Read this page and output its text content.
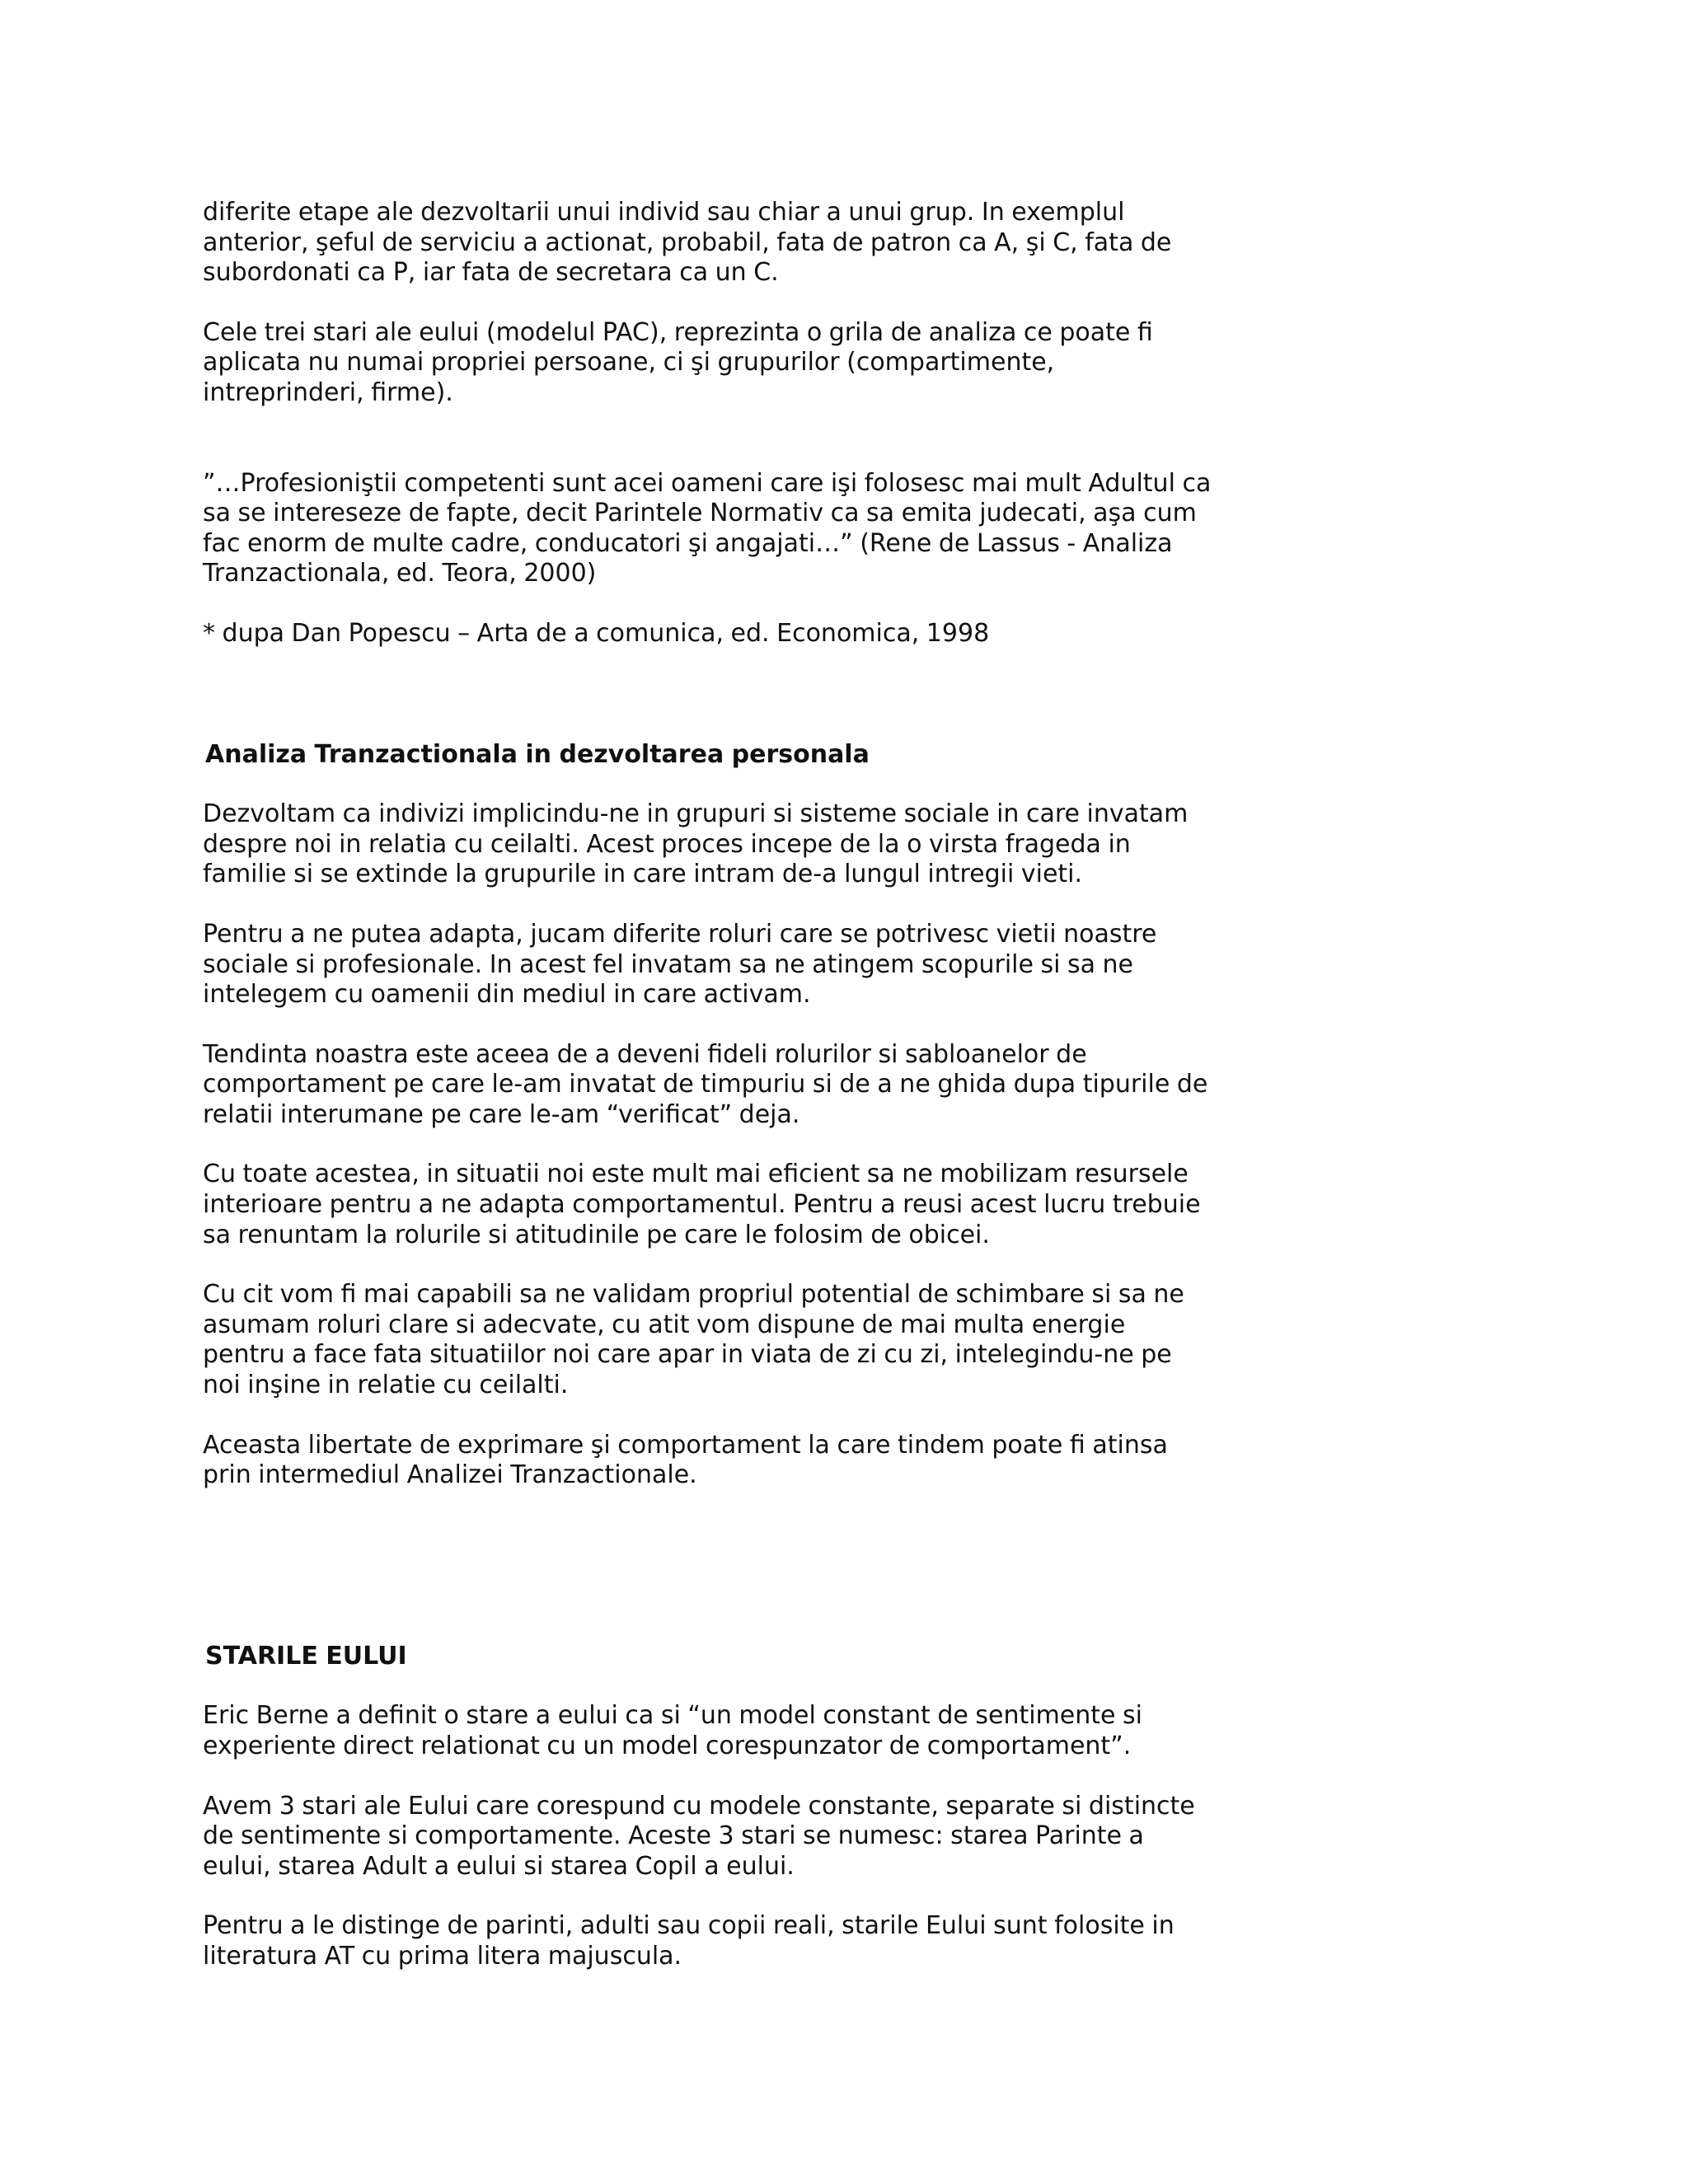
diferite etape ale dezvoltarii unui individ sau chiar a unui grup. In exemplul
anterior, şeful de serviciu a actionat, probabil, fata de patron ca A, şi C, fata de
subordonati ca P, iar fata de secretara ca un C.

Cele trei stari ale eului (modelul PAC), reprezinta o grila de analiza ce poate fi
aplicata nu numai propriei persoane, ci şi grupurilor (compartimente,
intreprinderi, firme).

”…Profesioniştii competenti sunt acei oameni care işi folosesc mai mult Adultul ca
sa se intereseze de fapte, decit Parintele Normativ ca sa emita judecati, aşa cum
fac enorm de multe cadre, conducatori şi angajati…” (Rene de Lassus - Analiza
Tranzactionala, ed. Teora, 2000)

* dupa Dan Popescu – Arta de a comunica, ed. Economica, 1998

Analiza Tranzactionala in dezvoltarea personala

Dezvoltam ca indivizi implicindu-ne in grupuri si sisteme sociale in care invatam
despre noi in relatia cu ceilalti. Acest proces incepe de la o virsta frageda in
familie si se extinde la grupurile in care intram de-a lungul intregii vieti.

Pentru a ne putea adapta, jucam diferite roluri care se potrivesc vietii noastre
sociale si profesionale. In acest fel invatam sa ne atingem scopurile si sa ne
intelegem cu oamenii din mediul in care activam.

Tendinta noastra este aceea de a deveni fideli rolurilor si sabloanelor de
comportament pe care le-am invatat de timpuriu si de a ne ghida dupa tipurile de
relatii interumane pe care le-am “verificat” deja.

Cu toate acestea, in situatii noi este mult mai eficient sa ne mobilizam resursele
interioare pentru a ne adapta comportamentul. Pentru a reusi acest lucru trebuie
sa renuntam la rolurile si atitudinile pe care le folosim de obicei.

Cu cit vom fi mai capabili sa ne validam propriul potential de schimbare si sa ne
asumam roluri clare si adecvate, cu atit vom dispune de mai multa energie
pentru a face fata situatiilor noi care apar in viata de zi cu zi, intelegindu-ne pe
noi inşine in relatie cu ceilalti.

Aceasta libertate de exprimare şi comportament la care tindem poate fi atinsa
prin intermediul Analizei Tranzactionale.

STARILE EULUI

Eric Berne a definit o stare a eului ca si “un model constant de sentimente si
experiente direct relationat cu un model corespunzator de comportament”.

Avem 3 stari ale Eului care corespund cu modele constante, separate si distincte
de sentimente si comportamente. Aceste 3 stari se numesc: starea Parinte a
eului, starea Adult a eului si starea Copil a eului.

Pentru a le distinge de parinti, adulti sau copii reali, starile Eului sunt folosite in
literatura AT cu prima litera majuscula.
